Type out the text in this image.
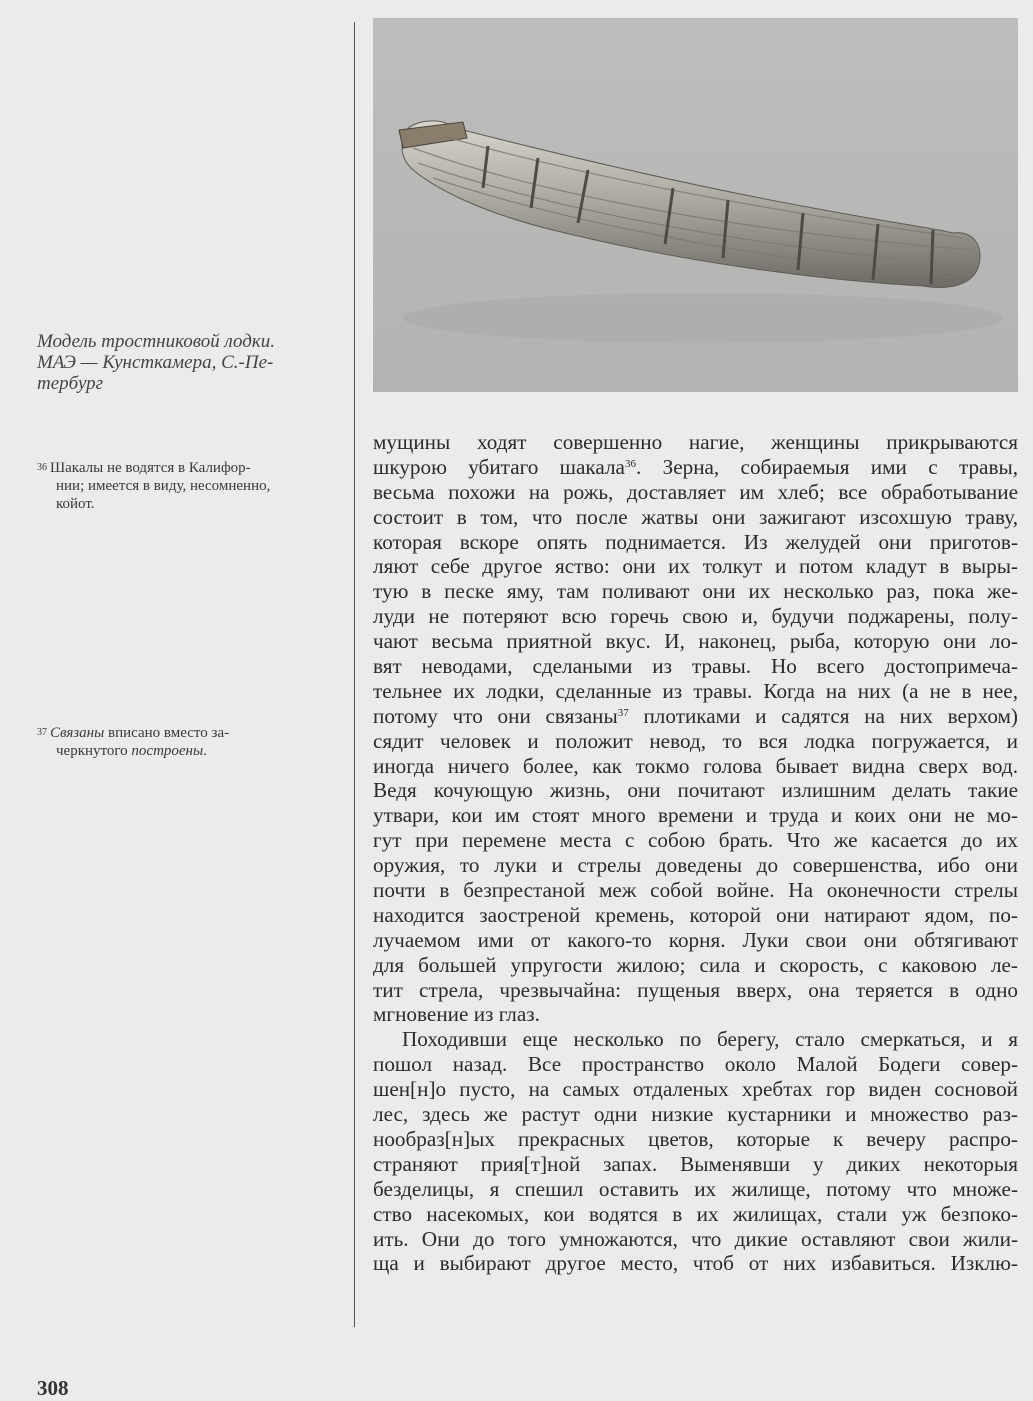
Модель тростниковой лодки.
МАЭ — Кунсткамера, С.-Пе-
тербург
$^{36}$ Шакалы не водятся в Калифор-
нии; имеется в виду, несомненно,
койот.
$^{37}$ Связаны вписано вместо за-
черкнутого построены.
мущины ходят совершенно нагие, женщины прикрываются
шкурою убитаго шакала$^{36}$. Зерна, собираемыя ими с травы,
весьма похожи на рожь, доставляет им хлеб; все обработывание
состоит в том, что после жатвы они зажигают изсохшую траву,
которая вскоре опять поднимается. Из желудей они приготов-
ляют себе другое яство: они их толкут и потом кладут в выры-
тую в песке яму, там поливают они их несколько раз, пока же-
луди не потеряют всю горечь свою и, будучи поджарены, полу-
чают весьма приятной вкус. И, наконец, рыба, которую они ло-
вят неводами, сделаными из травы. Но всего достопримеча-
тельнее их лодки, сделанные из травы. Когда на них (а не в нее,
потому что они связаны$^{37}$ плотиками и садятся на них верхом)
сядит человек и положит невод, то вся лодка погружается, и
иногда ничего более, как токмо голова бывает видна сверх вод.
Ведя кочующую жизнь, они почитают излишним делать такие
утвари, кои им стоят много времени и труда и коих они не мо-
гут при перемене места с собою брать. Что же касается до их
оружия, то луки и стрелы доведены до совершенства, ибо они
почти в безпрестаной меж собой войне. На оконечности стрелы
находится заостреной кремень, которой они натирают ядом, по-
лучаемом ими от какого-то корня. Луки свои они обтягивают
для большей упругости жилою; сила и скорость, с каковою ле-
тит стрела, чрезвычайна: пущеныя вверх, она теряется в одно
мгновение из глаз.
Походивши еще несколько по берегу, стало смеркаться, и я
пошол назад. Все пространство около Малой Бодеги совер-
шен[н]о пусто, на самых отдаленых хребтах гор виден сосновой
лес, здесь же растут одни низкие кустарники и множество раз-
нообраз[н]ых прекрасных цветов, которые к вечеру распро-
страняют прия[т]ной запах. Выменявши у диких некоторыя
безделицы, я спешил оставить их жилище, потому что множе-
ство насекомых, кои водятся в их жилищах, стали уж безпоко-
ить. Они до того умножаются, что дикие оставляют свои жили-
ща и выбирают другое место, чтоб от них избавиться. Изклю-
308
